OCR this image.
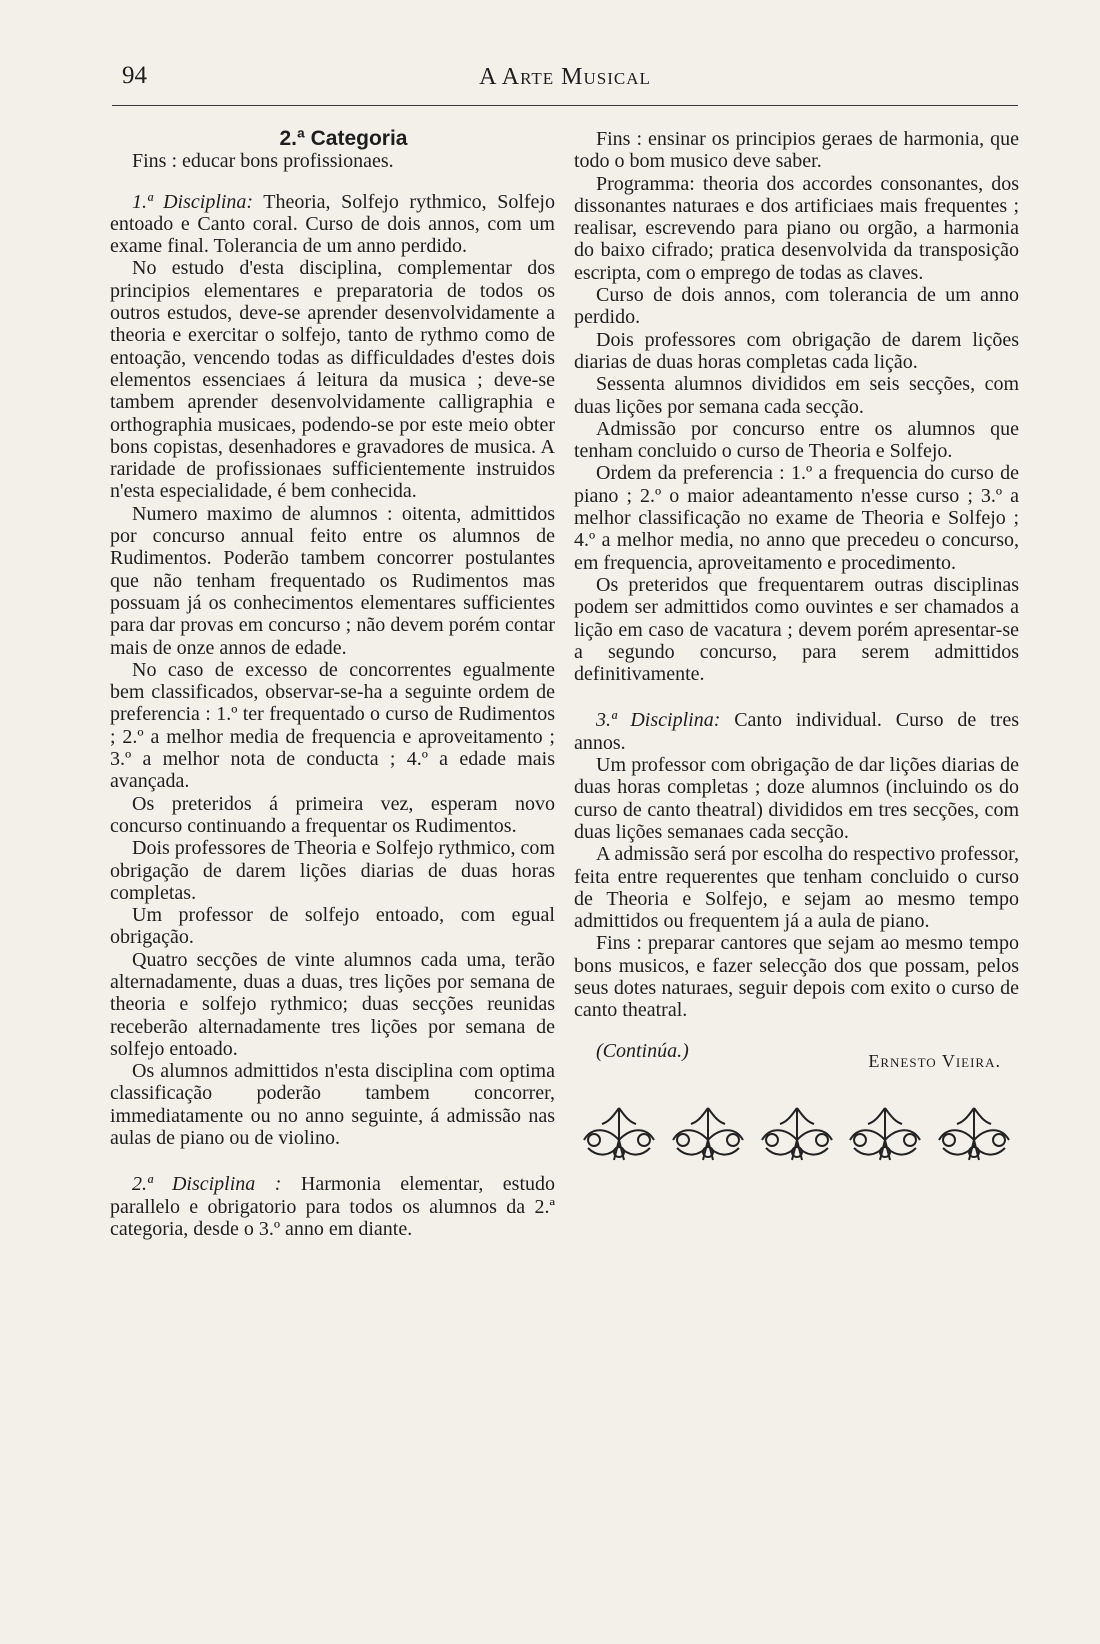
94	A Arte Musical

2.ª Categoria

Fins : educar bons profissionaes.

1.ª Disciplina: Theoria, Solfejo rythmico, Solfejo entoado e Canto coral. Curso de dois annos, com um exame final. Tolerancia de um anno perdido.

No estudo d'esta disciplina, complementar dos principios elementares e preparatoria de todos os outros estudos, deve-se aprender desenvolvidamente a theoria e exercitar o solfejo, tanto de rythmo como de entoação, vencendo todas as difficuldades d'estes dois elementos essenciaes á leitura da musica ; deve-se tambem aprender desenvolvidamente calligraphia e orthographia musicaes, podendo-se por este meio obter bons copistas, desenhadores e gravadores de musica. A raridade de profissionaes sufficientemente instruidos n'esta especialidade, é bem conhecida.

Numero maximo de alumnos : oitenta, admittidos por concurso annual feito entre os alumnos de Rudimentos. Poderão tambem concorrer postulantes que não tenham frequentado os Rudimentos mas possuam já os conhecimentos elementares sufficientes para dar provas em concurso ; não devem porém contar mais de onze annos de edade.

No caso de excesso de concorrentes egualmente bem classificados, observar-se-ha a seguinte ordem de preferencia : 1.º ter frequentado o curso de Rudimentos ; 2.º a melhor media de frequencia e aproveitamento ; 3.º a melhor nota de conducta ; 4.º a edade mais avançada.

Os preteridos á primeira vez, esperam novo concurso continuando a frequentar os Rudimentos.

Dois professores de Theoria e Solfejo rythmico, com obrigação de darem lições diarias de duas horas completas.

Um professor de solfejo entoado, com egual obrigação.

Quatro secções de vinte alumnos cada uma, terão alternadamente, duas a duas, tres lições por semana de theoria e solfejo rythmico; duas secções reunidas receberão alternadamente tres lições por semana de solfejo entoado.

Os alumnos admittidos n'esta disciplina com optima classificação poderão tambem concorrer, immediatamente ou no anno seguinte, á admissão nas aulas de piano ou de violino.

2.ª Disciplina : Harmonia elementar, estudo parallelo e obrigatorio para todos os alumnos da 2.ª categoria, desde o 3.º anno em diante.

Fins : ensinar os principios geraes de harmonia, que todo o bom musico deve saber.

Programma: theoria dos accordes consonantes, dos dissonantes naturaes e dos artificiaes mais frequentes ; realisar, escrevendo para piano ou orgão, a harmonia do baixo cifrado; pratica desenvolvida da transposição escripta, com o emprego de todas as claves.

Curso de dois annos, com tolerancia de um anno perdido.

Dois professores com obrigação de darem lições diarias de duas horas completas cada lição.

Sessenta alumnos divididos em seis secções, com duas lições por semana cada secção.

Admissão por concurso entre os alumnos que tenham concluido o curso de Theoria e Solfejo.

Ordem da preferencia : 1.º a frequencia do curso de piano ; 2.º o maior adeantamento n'esse curso ; 3.º a melhor classificação no exame de Theoria e Solfejo ; 4.º a melhor media, no anno que precedeu o concurso, em frequencia, aproveitamento e procedimento.

Os preteridos que frequentarem outras disciplinas podem ser admittidos como ouvintes e ser chamados a lição em caso de vacatura ; devem porém apresentar-se a segundo concurso, para serem admittidos definitivamente.

3.ª Disciplina: Canto individual. Curso de tres annos.

Um professor com obrigação de dar lições diarias de duas horas completas ; doze alumnos (incluindo os do curso de canto theatral) divididos em tres secções, com duas lições semanaes cada secção.

A admissão será por escolha do respectivo professor, feita entre requerentes que tenham concluido o curso de Theoria e Solfejo, e sejam ao mesmo tempo admittidos ou frequentem já a aula de piano.

Fins : preparar cantores que sejam ao mesmo tempo bons musicos, e fazer selecção dos que possam, pelos seus dotes naturaes, seguir depois com exito o curso de canto theatral.

(Continúa.)	Ernesto Vieira.
